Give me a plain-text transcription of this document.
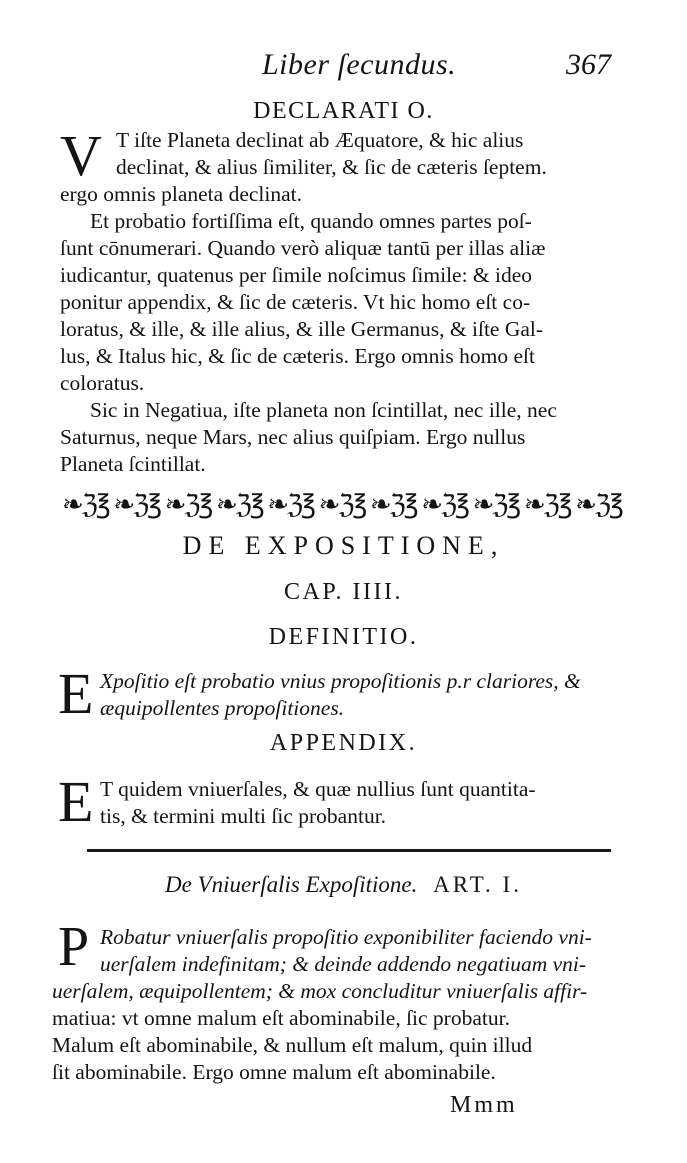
Liber ſecundus.	367
DECLARATI O.
V T iſte Planeta declinat ab Æquatore, & hic alius
declinat, & alius ſimiliter, & ſic de cæteris ſeptem.
ergo omnis planeta declinat.
Et probatio fortiſſima eſt, quando omnes partes poſ-
ſunt cōnumerari. Quando verò aliquæ tantū per illas aliæ
iudicantur, quatenus per ſimile noſcimus ſimile: & ideo
ponitur appendix, & ſic de cæteris. Vt hic homo eſt co-
loratus, & ille, & ille alius, & ille Germanus, & iſte Gal-
lus, & Italus hic, & ſic de cæteris. Ergo omnis homo eſt
coloratus.
Sic in Negatiua, iſte planeta non ſcintillat, nec ille, nec
Saturnus, neque Mars, nec alius quiſpiam. Ergo nullus
Planeta ſcintillat.
❧ℨ℥ ❧ℨ℥ ❧ℨ℥ ❧ℨ℥ ❧ℨ℥ ❧ℨ℥ ❧ℨ℥ ❧ℨ℥ ❧ℨ℥ ❧ℨ℥ ❧ℨ℥
DE EXPOSITIONE,
CAP. IIII.
DEFINITIO.
E Xpoſitio eſt probatio vnius propoſitionis p.r clariores, &
æquipollentes propoſitiones.
APPENDIX.
E T quidem vniuerſales, & quæ nullius ſunt quantita-
tis, & termini multi ſic probantur.
De Vniuerſalis Expoſitione. ART. I.
P Robatur vniuerſalis propoſitio exponibiliter faciendo vni-
uerſalem indefinitam; & deinde addendo negatiuam vni-
uerſalem, æquipollentem; & mox concluditur vniuerſalis affir-
matiua: vt omne malum eſt abominabile, ſic probatur.
Malum eſt abominabile, & nullum eſt malum, quin illud
ſit abominabile. Ergo omne malum eſt abominabile.
Mmm
